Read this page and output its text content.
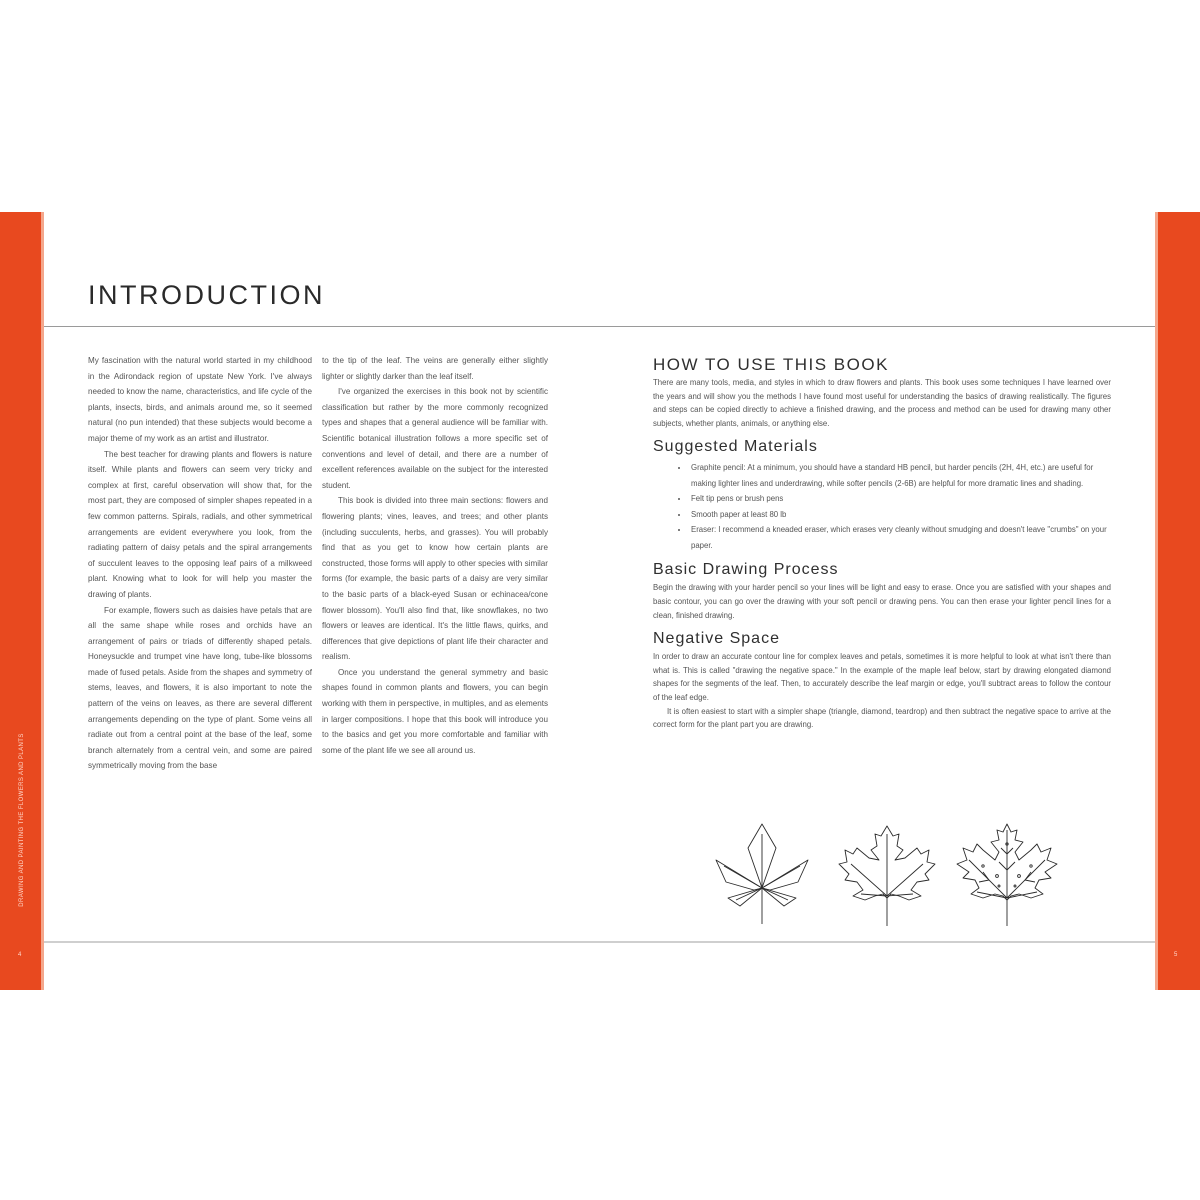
DRAWING AND PAINTING THE FLOWERS AND PLANTS
4	5
INTRODUCTION

My fascination with the natural world started in my childhood in the Adirondack region of upstate New York. I've always needed to know the name, characteristics, and life cycle of the plants, insects, birds, and animals around me, so it seemed natural (no pun intended) that these subjects would become a major theme of my work as an artist and illustrator.

The best teacher for drawing plants and flowers is nature itself. While plants and flowers can seem very tricky and complex at first, careful observation will show that, for the most part, they are composed of simpler shapes repeated in a few common patterns. Spirals, radials, and other symmetrical arrangements are evident everywhere you look, from the radiating pattern of daisy petals and the spiral arrangements of succulent leaves to the opposing leaf pairs of a milkweed plant. Knowing what to look for will help you master the drawing of plants.

For example, flowers such as daisies have petals that are all the same shape while roses and orchids have an arrangement of pairs or triads of differently shaped petals. Honeysuckle and trumpet vine have long, tube-like blossoms made of fused petals. Aside from the shapes and symmetry of stems, leaves, and flowers, it is also important to note the pattern of the veins on leaves, as there are several different arrangements depending on the type of plant. Some veins all radiate out from a central point at the base of the leaf, some branch alternately from a central vein, and some are paired symmetrically moving from the base

to the tip of the leaf. The veins are generally either slightly lighter or slightly darker than the leaf itself.

I've organized the exercises in this book not by scientific classification but rather by the more commonly recognized types and shapes that a general audience will be familiar with. Scientific botanical illustration follows a more specific set of conventions and level of detail, and there are a number of excellent references available on the subject for the interested student.

This book is divided into three main sections: flowers and flowering plants; vines, leaves, and trees; and other plants (including succulents, herbs, and grasses). You will probably find that as you get to know how certain plants are constructed, those forms will apply to other species with similar forms (for example, the basic parts of a daisy are very similar to the basic parts of a black-eyed Susan or echinacea/cone flower blossom). You'll also find that, like snowflakes, no two flowers or leaves are identical. It's the little flaws, quirks, and differences that give depictions of plant life their character and realism.

Once you understand the general symmetry and basic shapes found in common plants and flowers, you can begin working with them in perspective, in multiples, and as elements in larger compositions. I hope that this book will introduce you to the basics and get you more comfortable and familiar with some of the plant life we see all around us.

HOW TO USE THIS BOOK

There are many tools, media, and styles in which to draw flowers and plants. This book uses some techniques I have learned over the years and will show you the methods I have found most useful for understanding the basics of drawing realistically. The figures and steps can be copied directly to achieve a finished drawing, and the process and method can be used for drawing many other subjects, whether plants, animals, or anything else.

Suggested Materials
• Graphite pencil: At a minimum, you should have a standard HB pencil, but harder pencils (2H, 4H, etc.) are useful for making lighter lines and underdrawing, while softer pencils (2-6B) are helpful for more dramatic lines and shading.
• Felt tip pens or brush pens
• Smooth paper at least 80 lb
• Eraser: I recommend a kneaded eraser, which erases very cleanly without smudging and doesn't leave "crumbs" on your paper.
Basic Drawing Process

Begin the drawing with your harder pencil so your lines will be light and easy to erase. Once you are satisfied with your shapes and basic contour, you can go over the drawing with your soft pencil or drawing pens. You can then erase your lighter pencil lines for a clean, finished drawing.

Negative Space

In order to draw an accurate contour line for complex leaves and petals, sometimes it is more helpful to look at what isn't there than what is. This is called "drawing the negative space." In the example of the maple leaf below, start by drawing elongated diamond shapes for the segments of the leaf. Then, to accurately describe the leaf margin or edge, you'll subtract areas to follow the contour of the leaf edge.

It is often easiest to start with a simpler shape (triangle, diamond, teardrop) and then subtract the negative space to arrive at the correct form for the plant part you are drawing.
